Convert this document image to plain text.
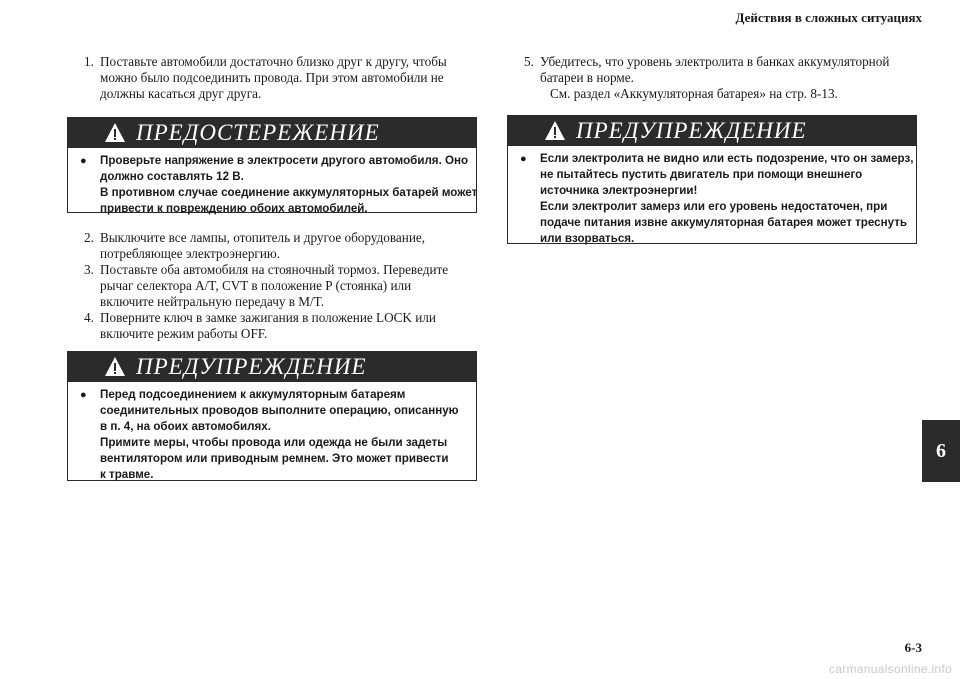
Действия в сложных ситуациях
1. Поставьте автомобили достаточно близко друг к другу, чтобы
можно было подсоединить провода. При этом автомобили не
должны касаться друг друга.
ПРЕДОСТЕРЕЖЕНИЕ
●	Проверьте напряжение в электросети другого автомобиля. Оно
должно составлять 12 В.
В противном случае соединение аккумуляторных батарей может
привести к повреждению обоих автомобилей.
2. Выключите все лампы, отопитель и другое оборудование,
потребляющее электроэнергию.
3. Поставьте оба автомобиля на стояночный тормоз. Переведите
рычаг селектора A/T, CVT в положение P (стоянка) или
включите нейтральную передачу в M/T.
4. Поверните ключ в замке зажигания в положение LOCK или
включите режим работы OFF.
ПРЕДУПРЕЖДЕНИЕ
●	Перед подсоединением к аккумуляторным батареям
соединительных проводов выполните операцию, описанную
в п. 4, на обоих автомобилях.
Примите меры, чтобы провода или одежда не были задеты
вентилятором или приводным ремнем. Это может привести
к травме.
5. Убедитесь, что уровень электролита в банках аккумуляторной
батареи в норме.
См. раздел «Аккумуляторная батарея» на стр. 8-13.
ПРЕДУПРЕЖДЕНИЕ
●	Если электролита не видно или есть подозрение, что он замерз,
не пытайтесь пустить двигатель при помощи внешнего
источника электроэнергии!
Если электролит замерз или его уровень недостаточен, при
подаче питания извне аккумуляторная батарея может треснуть
или взорваться.
6
6-3
carmanualsonline.info
